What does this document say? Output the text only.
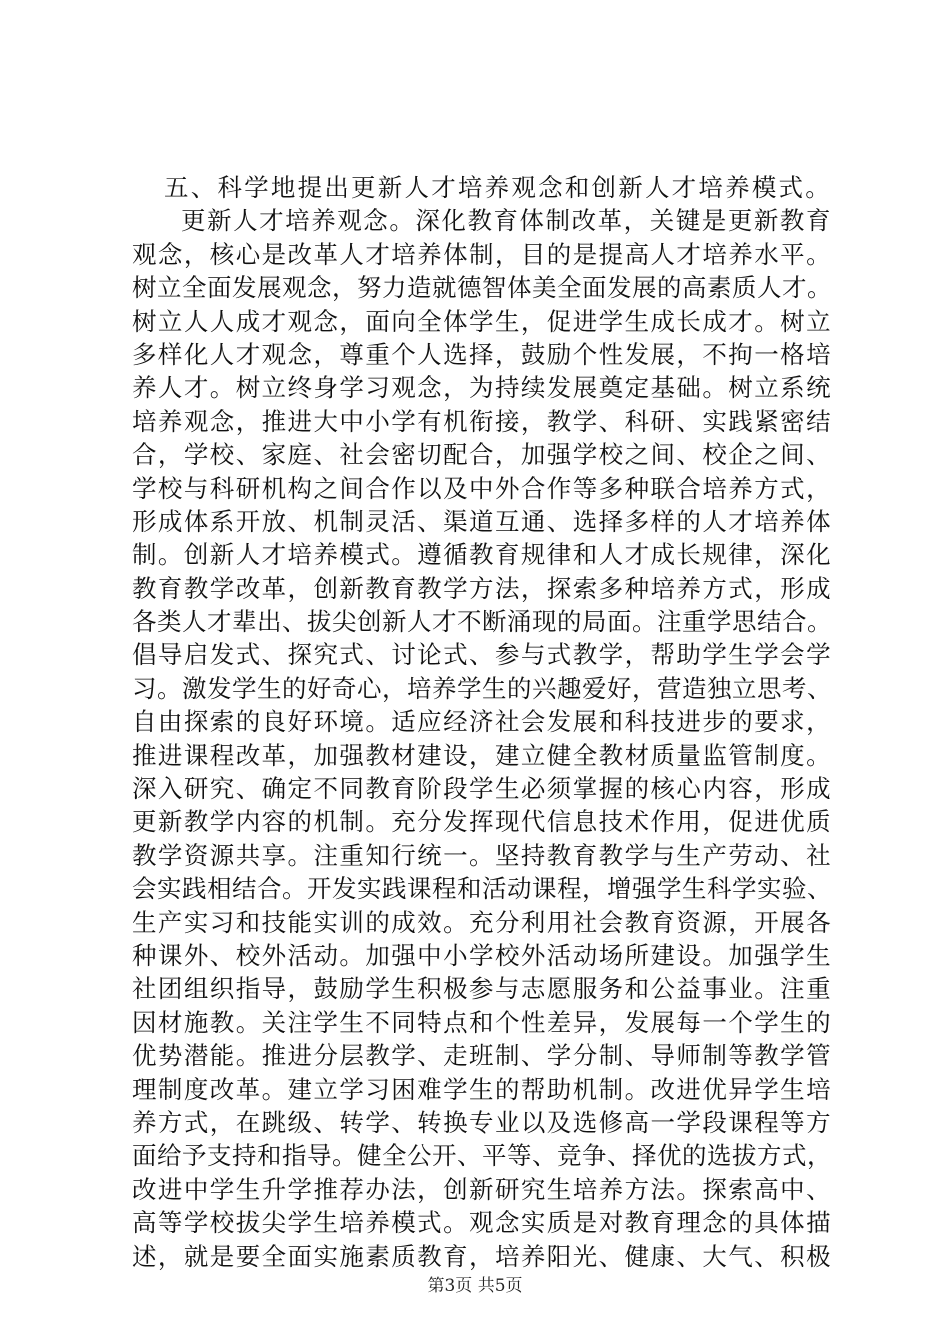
五、科学地提出更新人才培养观念和创新人才培养模式。
更新人才培养观念。深化教育体制改革，关键是更新教育
观念，核心是改革人才培养体制，目的是提高人才培养水平。
树立全面发展观念，努力造就德智体美全面发展的高素质人才。
树立人人成才观念，面向全体学生，促进学生成长成才。树立
多样化人才观念，尊重个人选择，鼓励个性发展，不拘一格培
养人才。树立终身学习观念，为持续发展奠定基础。树立系统
培养观念，推进大中小学有机衔接，教学、科研、实践紧密结
合，学校、家庭、社会密切配合，加强学校之间、校企之间、
学校与科研机构之间合作以及中外合作等多种联合培养方式，
形成体系开放、机制灵活、渠道互通、选择多样的人才培养体
制。创新人才培养模式。遵循教育规律和人才成长规律，深化
教育教学改革，创新教育教学方法，探索多种培养方式，形成
各类人才辈出、拔尖创新人才不断涌现的局面。注重学思结合。
倡导启发式、探究式、讨论式、参与式教学，帮助学生学会学
习。激发学生的好奇心，培养学生的兴趣爱好，营造独立思考、
自由探索的良好环境。适应经济社会发展和科技进步的要求，
推进课程改革，加强教材建设，建立健全教材质量监管制度。
深入研究、确定不同教育阶段学生必须掌握的核心内容，形成
更新教学内容的机制。充分发挥现代信息技术作用，促进优质
教学资源共享。注重知行统一。坚持教育教学与生产劳动、社
会实践相结合。开发实践课程和活动课程，增强学生科学实验、
生产实习和技能实训的成效。充分利用社会教育资源，开展各
种课外、校外活动。加强中小学校外活动场所建设。加强学生
社团组织指导，鼓励学生积极参与志愿服务和公益事业。注重
因材施教。关注学生不同特点和个性差异，发展每一个学生的
优势潜能。推进分层教学、走班制、学分制、导师制等教学管
理制度改革。建立学习困难学生的帮助机制。改进优异学生培
养方式，在跳级、转学、转换专业以及选修高一学段课程等方
面给予支持和指导。健全公开、平等、竞争、择优的选拔方式，
改进中学生升学推荐办法，创新研究生培养方法。探索高中、
高等学校拔尖学生培养模式。观念实质是对教育理念的具体描
述，就是要全面实施素质教育，培养阳光、健康、大气、积极
第3页 共5页
